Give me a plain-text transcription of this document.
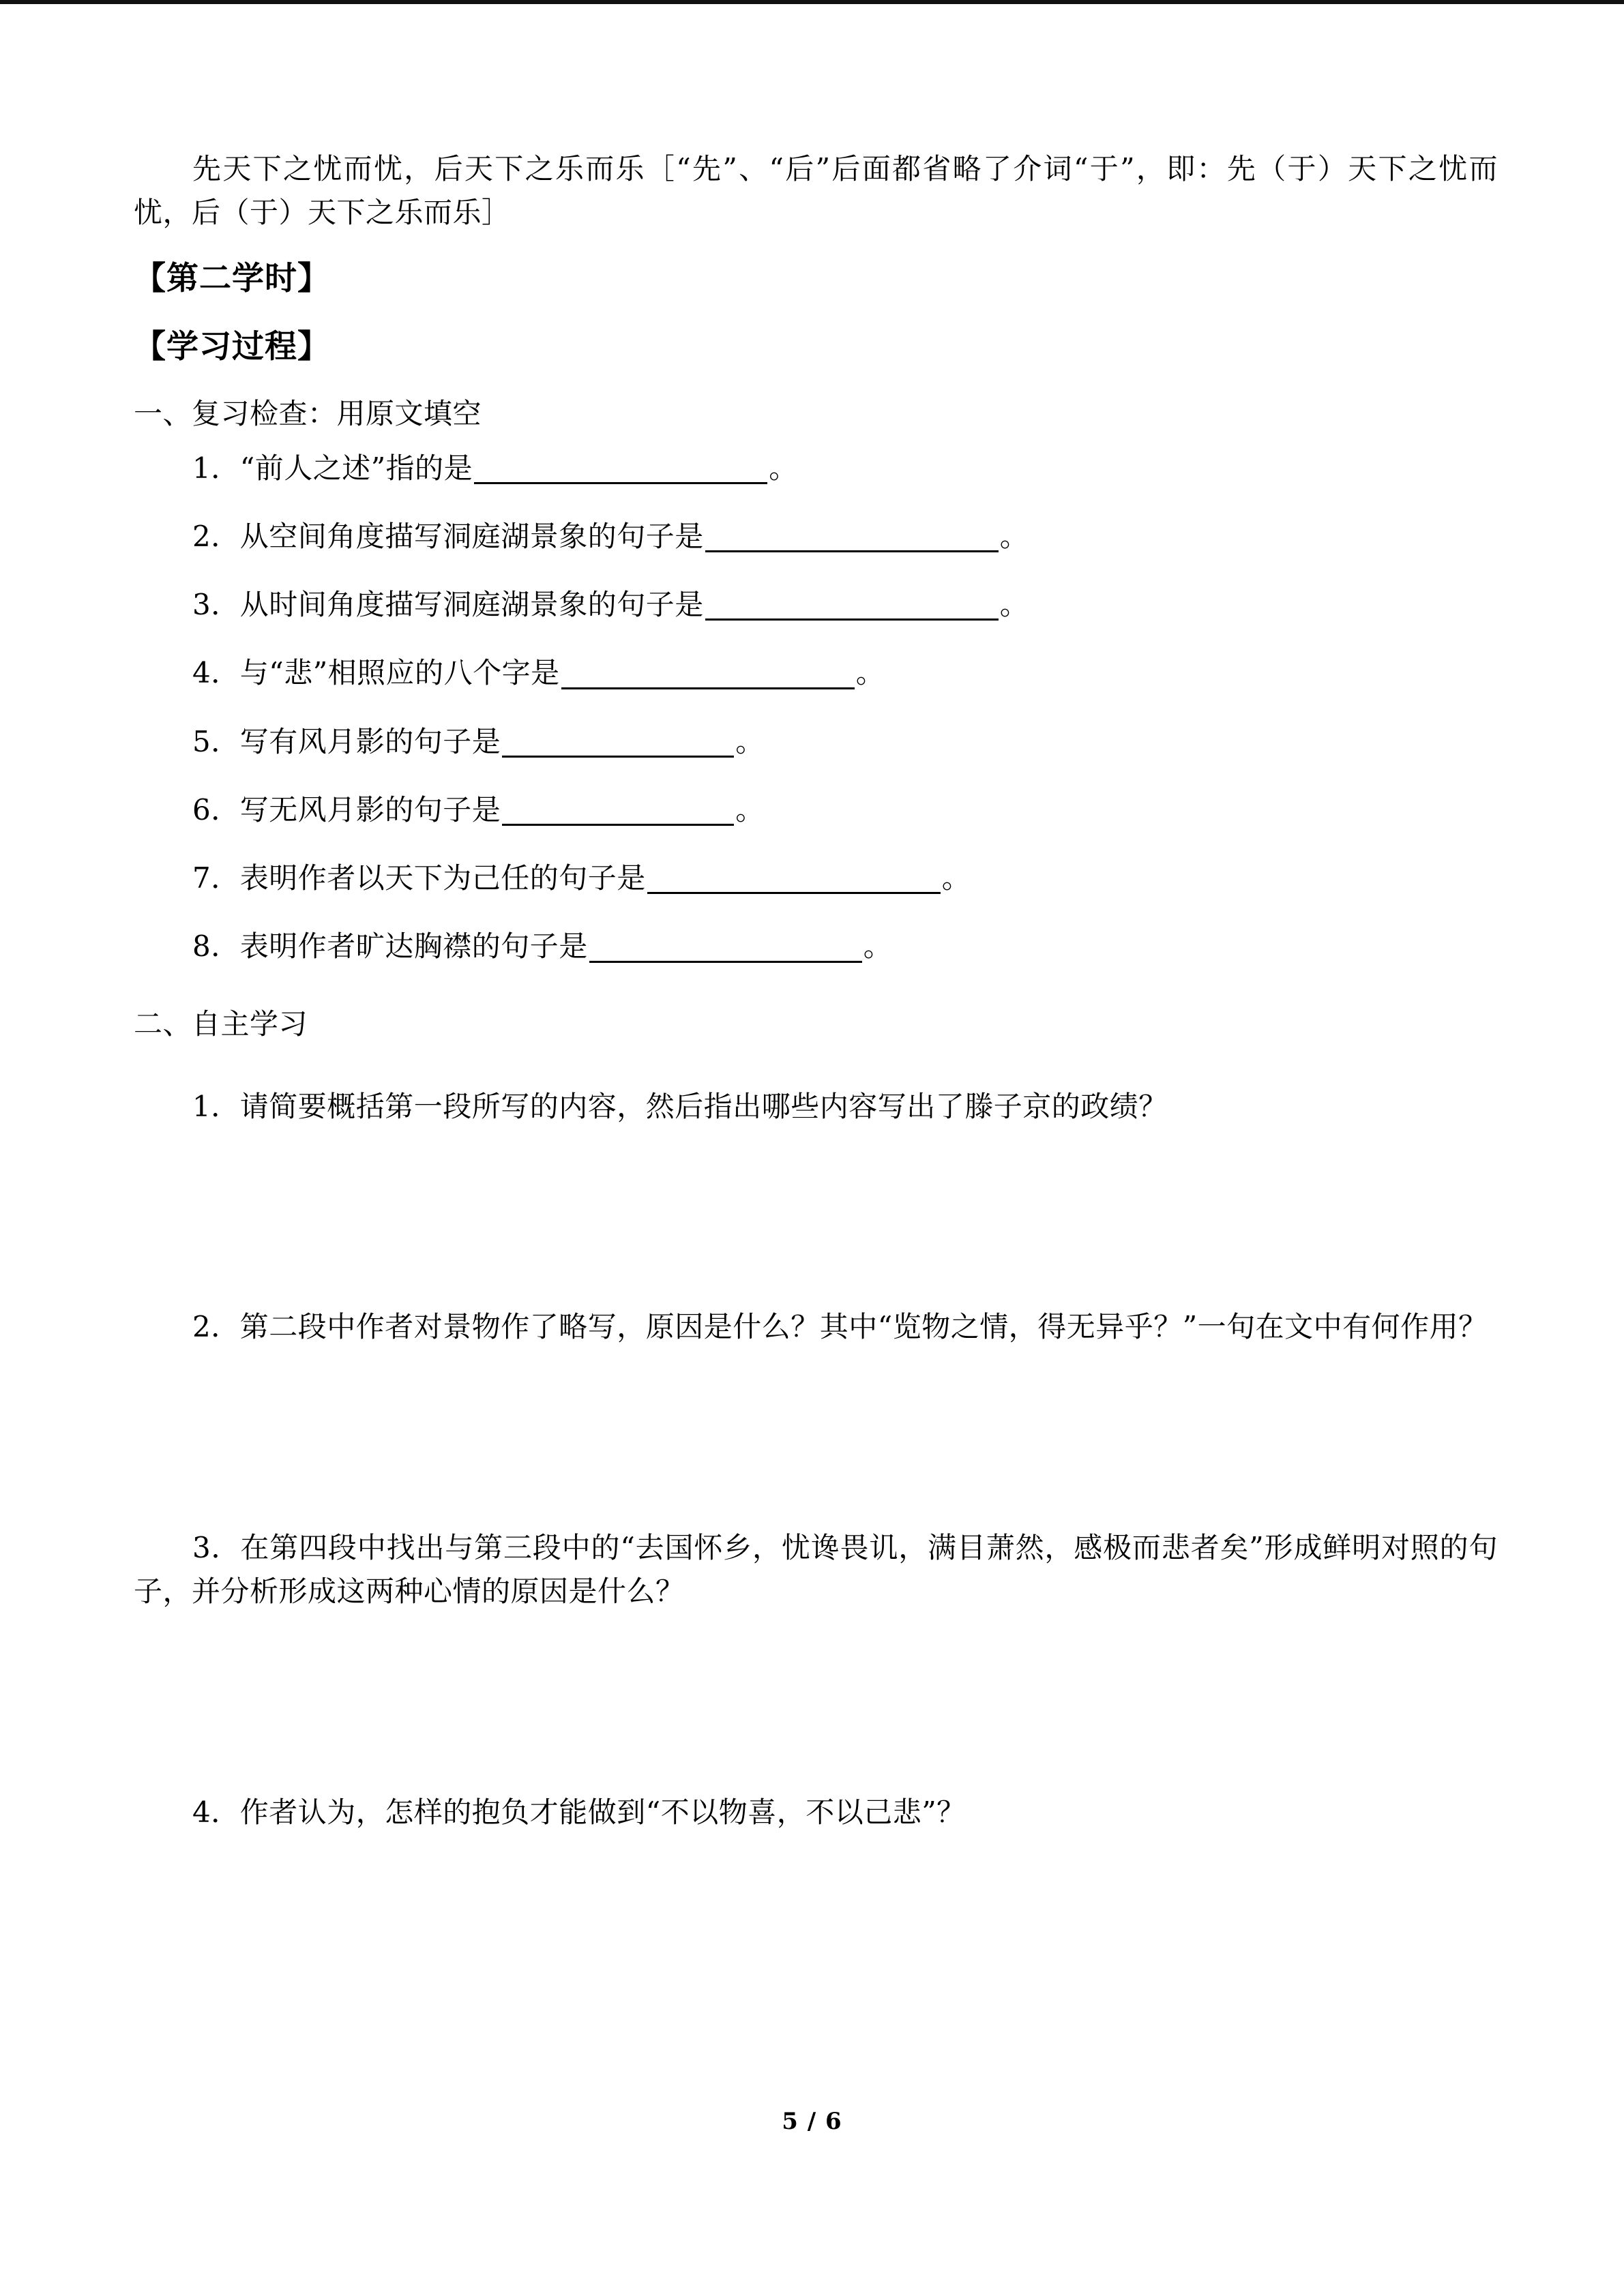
先天下之忧而忧，后天下之乐而乐［“先”、“后”后面都省略了介词“于”，即：先（于）天下之忧而忧，后（于）天下之乐而乐］

【第二学时】

【学习过程】

一、复习检查：用原文填空

1．“前人之述”指的是	。
2．从空间角度描写洞庭湖景象的句子是	。
3．从时间角度描写洞庭湖景象的句子是	。
4．与“悲”相照应的八个字是	。
5．写有风月影的句子是	。
6．写无风月影的句子是	。
7．表明作者以天下为己任的句子是	。
8．表明作者旷达胸襟的句子是	。

二、自主学习

1．请简要概括第一段所写的内容，然后指出哪些内容写出了滕子京的政绩？

2．第二段中作者对景物作了略写，原因是什么？其中“览物之情，得无异乎？”一句在文中有何作用？

3．在第四段中找出与第三段中的“去国怀乡，忧谗畏讥，满目萧然，感极而悲者矣”形成鲜明对照的句子，并分析形成这两种心情的原因是什么？

4．作者认为，怎样的抱负才能做到“不以物喜，不以己悲”？

5 / 6
